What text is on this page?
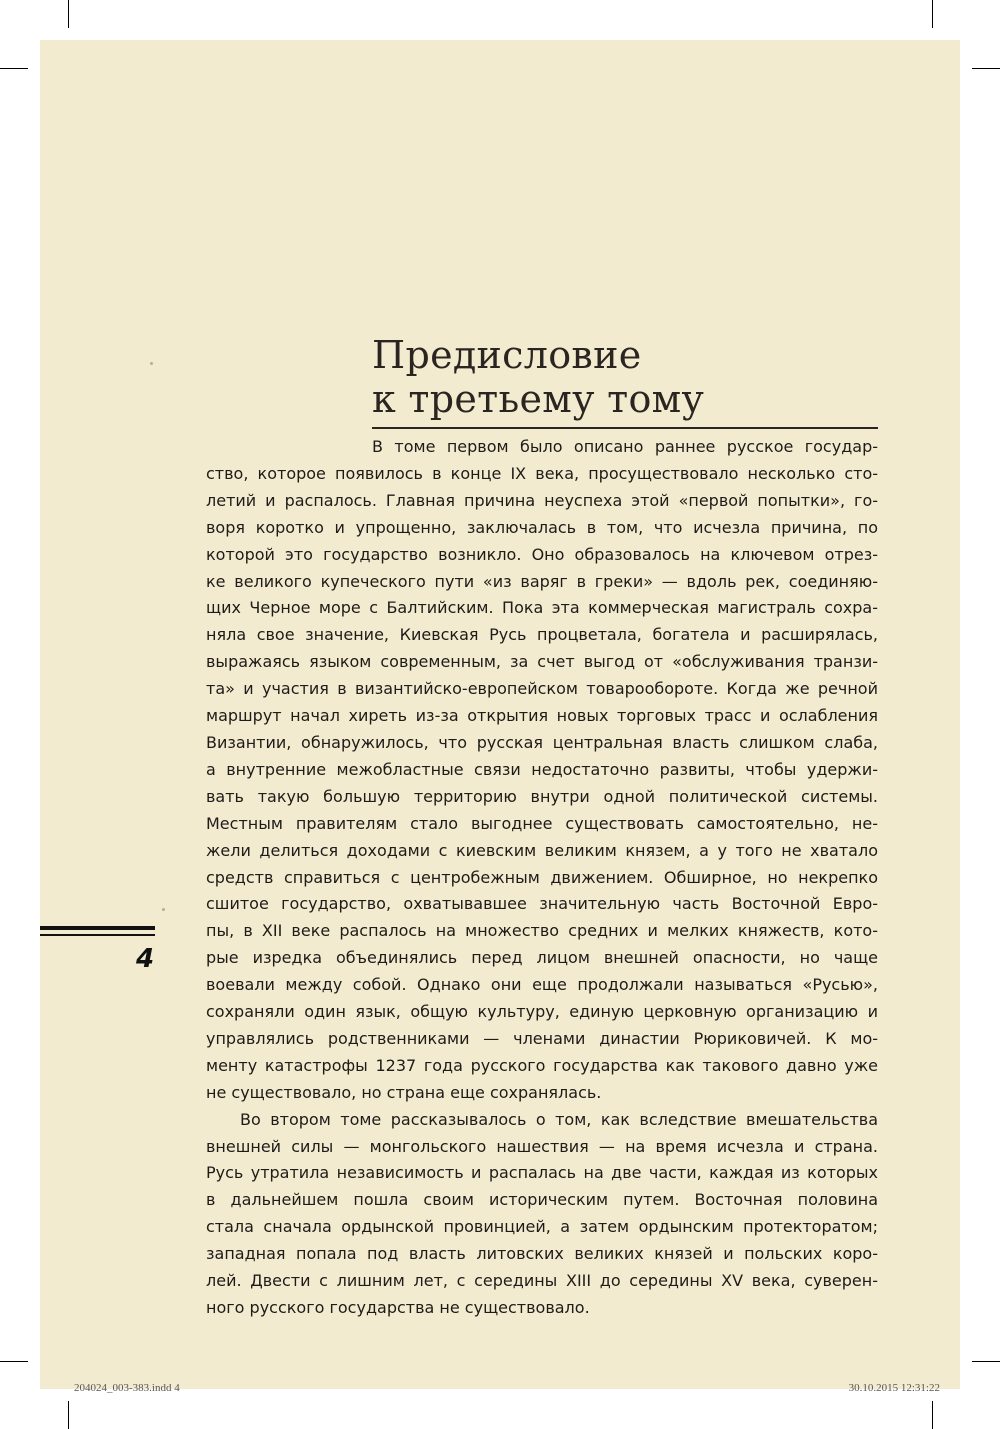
Предисловие
к третьему тому

В томе первом было описано раннее русское государ-
ство, которое появилось в конце IX века, просуществовало несколько сто-
летий и распалось. Главная причина неуспеха этой «первой попытки», го-
воря коротко и упрощенно, заключалась в том, что исчезла причина, по
которой это государство возникло. Оно образовалось на ключевом отрез-
ке великого купеческого пути «из варяг в греки» — вдоль рек, соединяю-
щих Черное море с Балтийским. Пока эта коммерческая магистраль сохра-
няла свое значение, Киевская Русь процветала, богатела и расширялась,
выражаясь языком современным, за счет выгод от «обслуживания транзи-
та» и участия в византийско-европейском товарообороте. Когда же речной
маршрут начал хиреть из-за открытия новых торговых трасс и ослабления
Византии, обнаружилось, что русская центральная власть слишком слаба,
а внутренние межобластные связи недостаточно развиты, чтобы удержи-
вать такую большую территорию внутри одной политической системы.
Местным правителям стало выгоднее существовать самостоятельно, не-
жели делиться доходами с киевским великим князем, а у того не хватало
средств справиться с центробежным движением. Обширное, но некрепко
сшитое государство, охватывавшее значительную часть Восточной Евро-
пы, в XII веке распалось на множество средних и мелких княжеств, кото-
рые изредка объединялись перед лицом внешней опасности, но чаще
воевали между собой. Однако они еще продолжали называться «Русью»,
сохраняли один язык, общую культуру, единую церковную организацию и
управлялись родственниками — членами династии Рюриковичей. К мо-
менту катастрофы 1237 года русского государства как такового давно уже
не существовало, но страна еще сохранялась.

Во втором томе рассказывалось о том, как вследствие вмешательства
внешней силы — монгольского нашествия — на время исчезла и страна.
Русь утратила независимость и распалась на две части, каждая из которых
в дальнейшем пошла своим историческим путем. Восточная половина
стала сначала ордынской провинцией, а затем ордынским протекторатом;
западная попала под власть литовских великих князей и польских коро-
лей. Двести с лишним лет, с середины XIII до середины XV века, суверен-
ного русского государства не существовало.

4
204024_003-383.indd 4	30.10.2015 12:31:22
